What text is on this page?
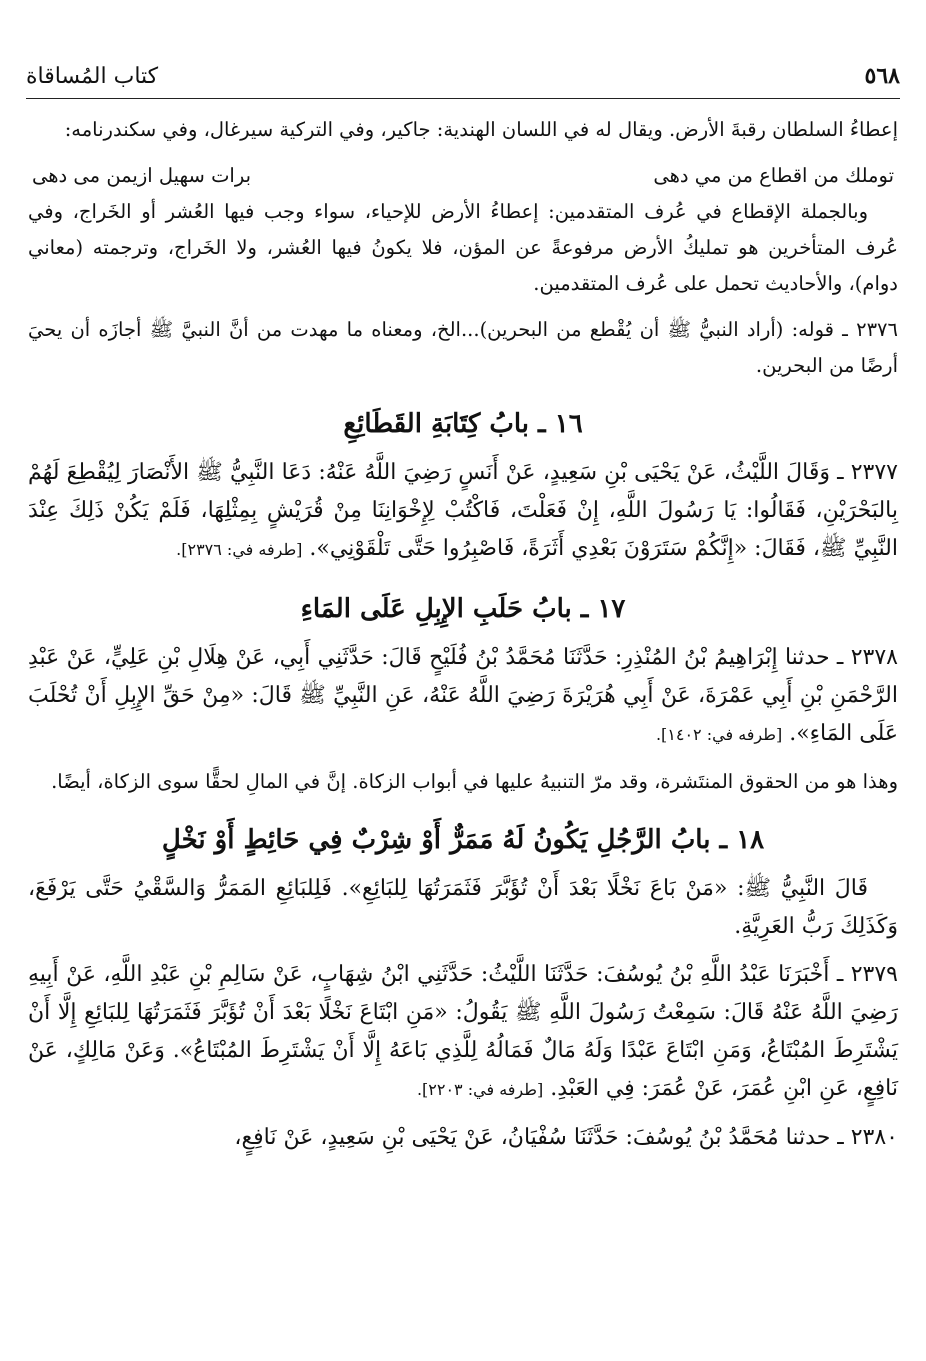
٥٦٨
كتاب المُساقاة

إعطاءُ السلطان رقبةَ الأرض. ويقال له في اللسان الهندية: جاكير، وفي التركية سيرغال، وفي سكندرنامه:

توملك من اقطاع من مي دهى
برات سهيل ازيمن مى دهى

وبالجملة الإقطاع في عُرف المتقدمين: إعطاءُ الأرض للإحياء، سواء وجب فيها العُشر أو الخَراج، وفي عُرف المتأخرين هو تمليكُ الأرض مرفوعةً عن المؤن، فلا يكونُ فيها العُشر، ولا الخَراج، وترجمته (معاني دوام)، والأحاديث تحمل على عُرف المتقدمين.

٢٣٧٦ ـ قوله: (أراد النبيُّ ﷺ أن يُقْطع من البحرين)...الخ، ومعناه ما مهدت من أنَّ النبيَّ ﷺ أجازَه أن يحيَ أرضًا من البحرين.

١٦ ـ بابُ كِتَابَةِ القَطَائِعِ

٢٣٧٧ ـ وَقَالَ اللَّيْثُ، عَنْ يَحْيَى بْنِ سَعِيدٍ، عَنْ أَنَسٍ رَضِيَ اللَّهُ عَنْهُ: دَعَا النَّبِيُّ ﷺ الأَنْصَارَ لِيُقْطِعَ لَهُمْ بِالبَحْرَيْنِ، فَقَالُوا: يَا رَسُولَ اللَّهِ، إِنْ فَعَلْتَ، فَاكْتُبْ لِإِخْوَانِنَا مِنْ قُرَيْشٍ بِمِثْلِهَا، فَلَمْ يَكُنْ ذَلِكَ عِنْدَ النَّبِيِّ ﷺ، فَقَالَ: «إِنَّكُمْ سَتَرَوْنَ بَعْدِي أَثَرَةً، فَاصْبِرُوا حَتَّى تَلْقَوْنِي». [طرفه في: ٢٣٧٦].

١٧ ـ بابُ حَلَبِ الإِبِلِ عَلَى المَاءِ

٢٣٧٨ ـ حدثنا إِبْرَاهِيمُ بْنُ المُنْذِرِ: حَدَّثَنَا مُحَمَّدُ بْنُ فُلَيْحٍ قَالَ: حَدَّثَنِي أَبِي، عَنْ هِلَالِ بْنِ عَلِيٍّ، عَنْ عَبْدِ الرَّحْمَنِ بْنِ أَبِي عَمْرَةَ، عَنْ أَبِي هُرَيْرَةَ رَضِيَ اللَّهُ عَنْهُ، عَنِ النَّبِيِّ ﷺ قَالَ: «مِنْ حَقِّ الإِبِلِ أَنْ تُحْلَبَ عَلَى المَاءِ». [طرفه في: ١٤٠٢].

وهذا هو من الحقوق المنتَشرة، وقد مرّ التنبيهُ عليها في أبواب الزكاة. إنَّ في المالِ لحقًّا سوى الزكاة، أيضًا.

١٨ ـ بابُ الرَّجُلِ يَكُونُ لَهُ مَمَرٌّ أَوْ شِرْبٌ فِي حَائِطٍ أَوْ نَخْلٍ

قَالَ النَّبِيُّ ﷺ: «مَنْ بَاعَ نَخْلًا بَعْدَ أَنْ تُؤَبَّرَ فَثَمَرَتُهَا لِلبَائِعِ». فَلِلبَائِعِ المَمَرُّ وَالسَّقْيُ حَتَّى يَرْفَعَ، وَكَذَلِكَ رَبُّ العَرِيَّةِ.

٢٣٧٩ ـ أَخْبَرَنَا عَبْدُ اللَّهِ بْنُ يُوسُفَ: حَدَّثَنَا اللَّيْثُ: حَدَّثَنِي ابْنُ شِهَابٍ، عَنْ سَالِمِ بْنِ عَبْدِ اللَّهِ، عَنْ أَبِيهِ رَضِيَ اللَّهُ عَنْهُ قَالَ: سَمِعْتُ رَسُولَ اللَّهِ ﷺ يَقُولُ: «مَنِ ابْتَاعَ نَخْلًا بَعْدَ أَنْ تُؤَبَّرَ فَثَمَرَتُهَا لِلبَائِعِ إِلَّا أَنْ يَشْتَرِطَ المُبْتَاعُ، وَمَنِ ابْتَاعَ عَبْدًا وَلَهُ مَالٌ فَمَالُهُ لِلَّذِي بَاعَهُ إِلَّا أَنْ يَشْتَرِطَ المُبْتَاعُ». وَعَنْ مَالِكٍ، عَنْ نَافِعٍ، عَنِ ابْنِ عُمَرَ، عَنْ عُمَرَ: فِي العَبْدِ. [طرفه في: ٢٢٠٣].

٢٣٨٠ ـ حدثنا مُحَمَّدُ بْنُ يُوسُفَ: حَدَّثَنَا سُفْيَانُ، عَنْ يَحْيَى بْنِ سَعِيدٍ، عَنْ نَافِعٍ،
